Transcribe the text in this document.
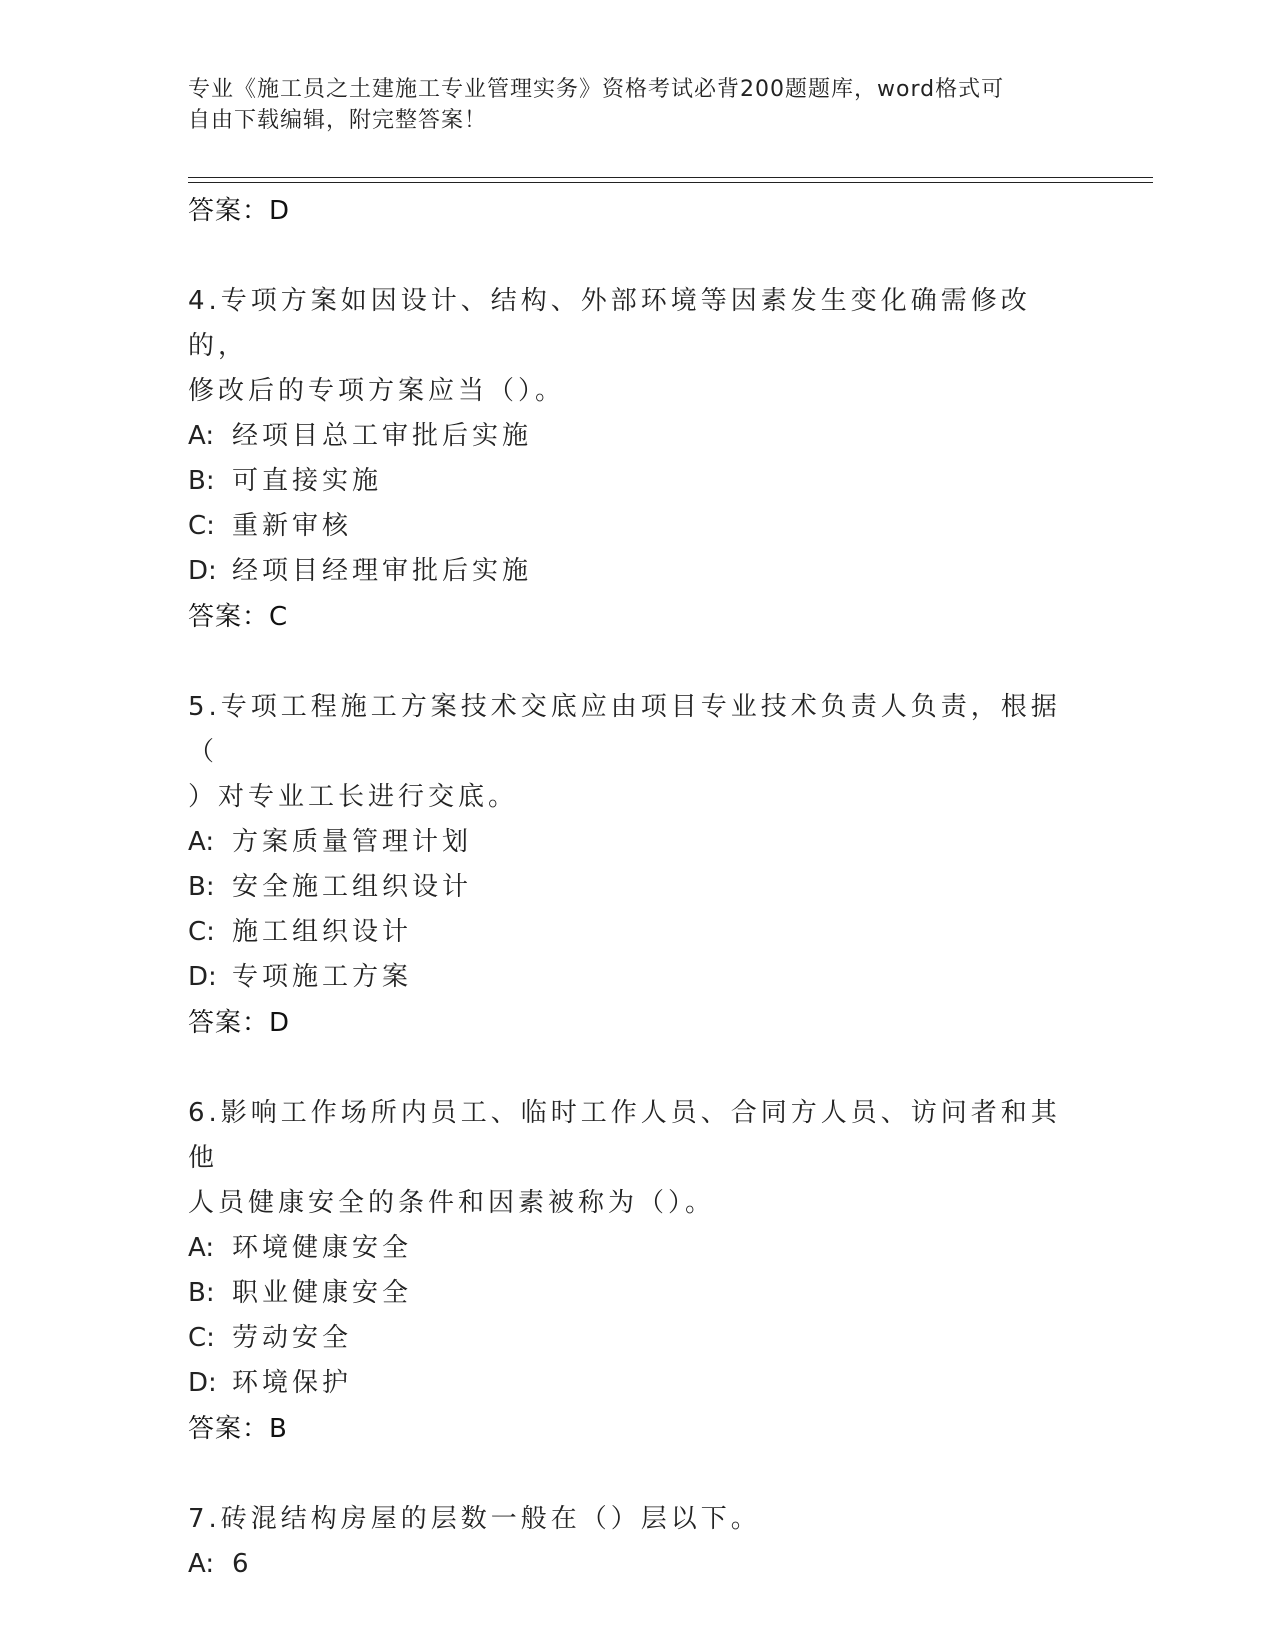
专业《施工员之土建施工专业管理实务》资格考试必背200题题库，word格式可
自由下载编辑，附完整答案！
答案：D
4.专项方案如因设计、结构、外部环境等因素发生变化确需修改的，
修改后的专项方案应当（）。
A: 经项目总工审批后实施
B: 可直接实施
C: 重新审核
D: 经项目经理审批后实施
答案：C
5.专项工程施工方案技术交底应由项目专业技术负责人负责，根据（
）对专业工长进行交底。
A: 方案质量管理计划
B: 安全施工组织设计
C: 施工组织设计
D: 专项施工方案
答案：D
6.影响工作场所内员工、临时工作人员、合同方人员、访问者和其他
人员健康安全的条件和因素被称为（）。
A: 环境健康安全
B: 职业健康安全
C: 劳动安全
D: 环境保护
答案：B
7.砖混结构房屋的层数一般在（）层以下。
A: 6
